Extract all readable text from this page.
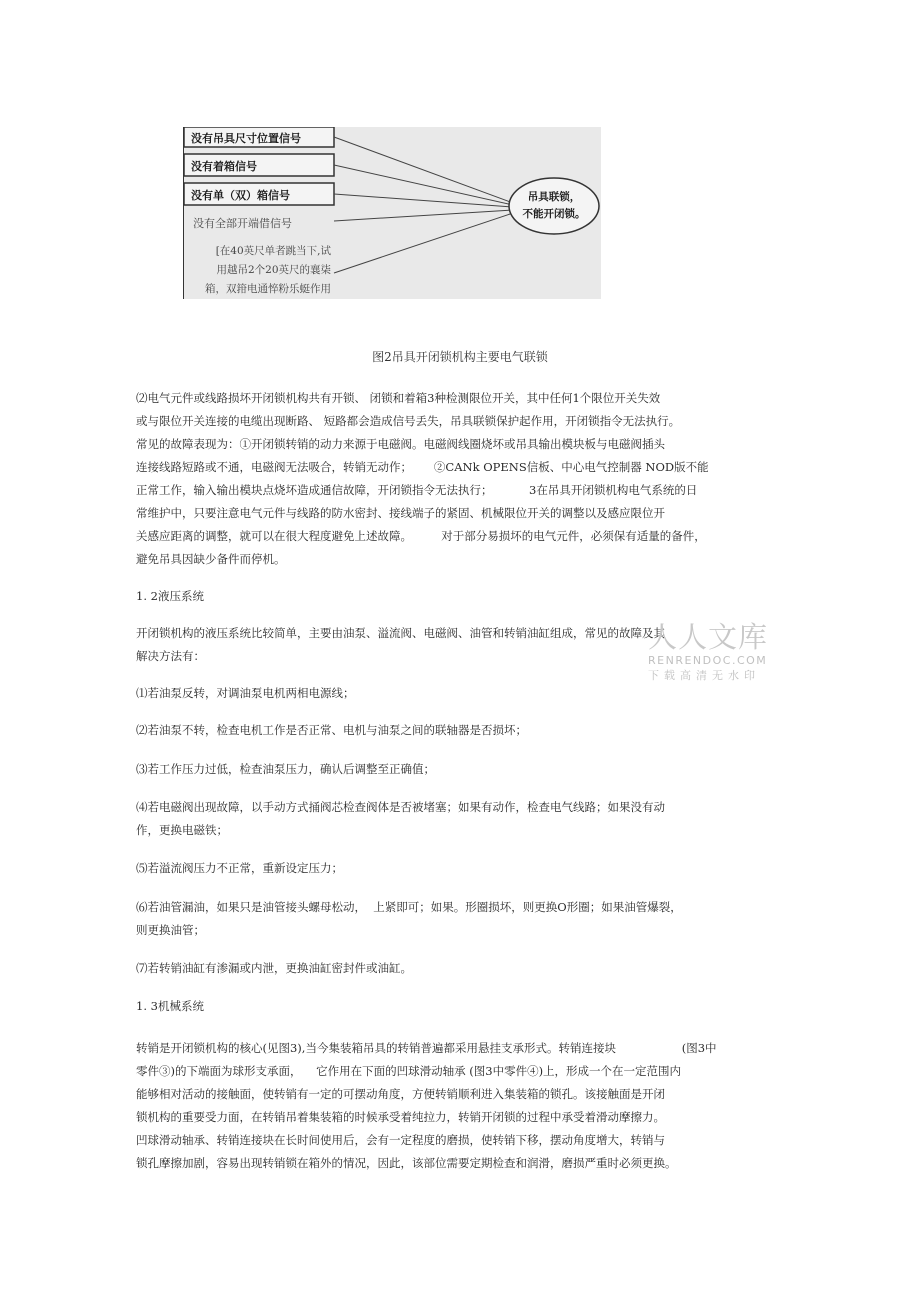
没有吊具尺寸位置信号
没有着箱信号
没有单（双）箱信号
没有全部开端借信号
[在40英尺单者跳当下,试
用越吊2个20英尺的襄柒
箱，双箝电通悴粉乐蜓作用
吊具联锁，
不能开闭锁。
图2吊具开闭锁机构主要电气联锁
⑵电气元件或线路损坏开闭锁机构共有开锁、 闭锁和着箱3种检测限位开关，其中任何1个限位开关失效
或与限位开关连接的电缆出现断路、 短路都会造成信号丢失，吊具联锁保护起作用，开闭锁指令无法执行。
常见的故障表现为：①开闭锁转销的动力来源于电磁阀。电磁阀线圈烧坏或吊具输出模块板与电磁阀插头
连接线路短路或不通，电磁阀无法吸合，转销无动作；      ②CANk OPENS信板、中心电气控制器 NOD版不能
正常工作，输入输出模块点烧坏造成通信故障，开闭锁指令无法执行；          3在吊具开闭锁机构电气系统的日
常维护中，只要注意电气元件与线路的防水密封、接线端子的紧固、机械限位开关的调整以及感应限位开
关感应距离的调整，就可以在很大程度避免上述故障。        对于部分易损坏的电气元件，必须保有适量的备件，
避免吊具因缺少备件而停机。
1. 2液压系统
开闭锁机构的液压系统比较简单，主要由油泵、溢流阀、电磁阀、油管和转销油缸组成，常见的故障及其
解决方法有：
⑴若油泵反转，对调油泵电机两相电源线；
⑵若油泵不转，检查电机工作是否正常、电机与油泵之间的联轴器是否损坏；
⑶若工作压力过低，检查油泵压力，确认后调整至正确值；
⑷若电磁阀出现故障，以手动方式捅阀芯检查阀体是否被堵塞；如果有动作，检查电气线路；如果没有动
作，更换电磁铁；
⑸若溢流阀压力不正常，重新设定压力；
⑹若油管漏油，如果只是油管接头螺母松动，  上紧即可；如果。形圈损坏，则更换O形圈；如果油管爆裂，
则更换油管；
⑺若转销油缸有渗漏或内泄，更换油缸密封件或油缸。
1. 3机械系统
转销是开闭锁机构的核心(见图3),当今集装箱吊具的转销普遍都采用悬挂支承形式。转销连接块                  (图3中
零件③)的下端面为球形支承面，    它作用在下面的凹球滑动轴承 (图3中零件④)上，形成一个在一定范围内
能够相对活动的接触面，使转销有一定的可摆动角度，方便转销顺利进入集装箱的锁孔。该接触面是开闭
锁机构的重要受力面，在转销吊着集装箱的时候承受着纯拉力，转销开闭锁的过程中承受着滑动摩擦力。
凹球滑动轴承、转销连接块在长时间使用后，会有一定程度的磨损，使转销下移，摆动角度增大，转销与
锁孔摩擦加剧，容易出现转销锁在箱外的情况，因此，该部位需要定期检查和润滑，磨损严重时必须更换。
人人文库
RENRENDOC.COM
下载高清无水印
